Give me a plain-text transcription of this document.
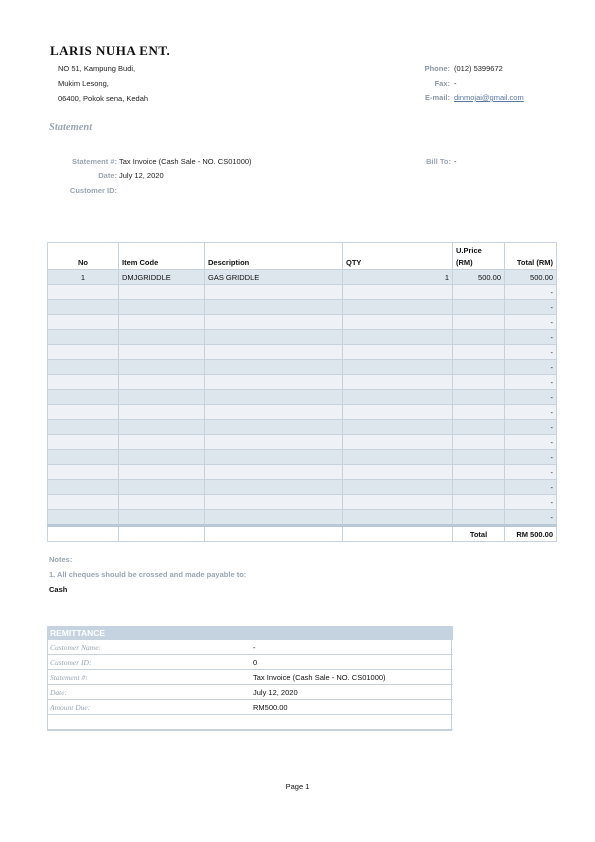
LARIS NUHA ENT.
NO 51, Kampung Budi,
Mukim Lesong,
06400, Pokok sena, Kedah
Phone: (012) 5399672
Fax: -
E-mail: dinmojai@gmail.com
Statement
Statement #: Tax Invoice (Cash Sale - NO. CS01000)
Date: July 12, 2020
Customer ID:
Bill To: -
				U.Price	
No	Item Code	Description	QTY	(RM)	Total (RM)
1	DMJGRIDDLE	GAS GRIDDLE	1	500.00	500.00
					-
					-
					-
					-
					-
					-
					-
					-
					-
					-
					-
					-
					-
					-
					-
					-
				Total	RM 500.00
Notes:
1. All cheques should be crossed and made payable to:
Cash
REMITTANCE	
Customer Name:	-
Customer ID:	0
Statement #:	Tax Invoice (Cash Sale - NO. CS01000)
Date:	July 12, 2020
Amount Due:	RM500.00

Page 1
